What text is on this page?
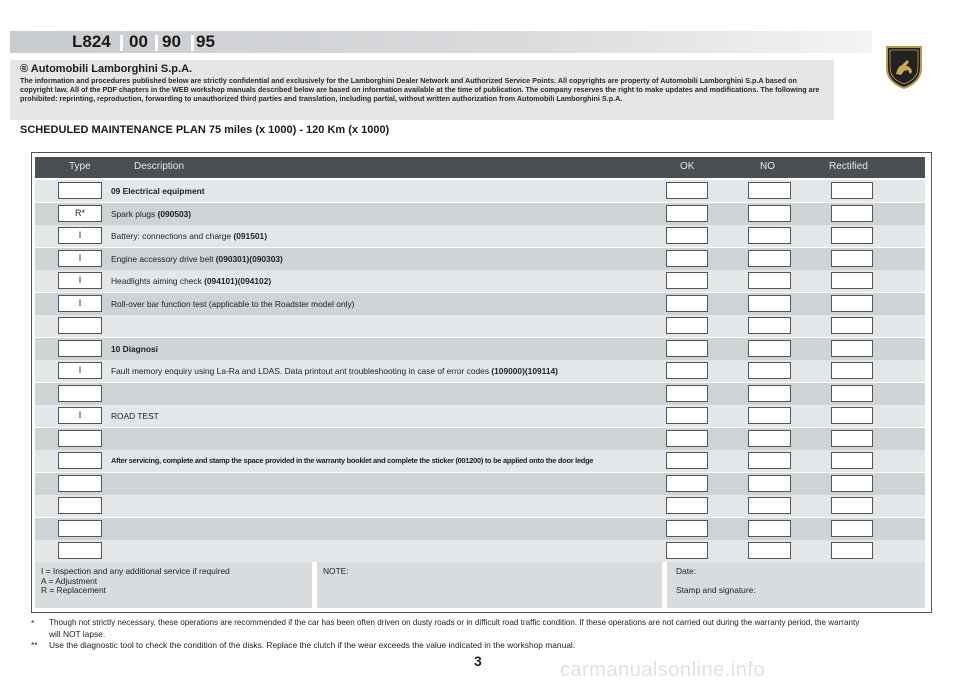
L824 00 90 95
® Automobili Lamborghini S.p.A.
The information and procedures published below are strictly confidential and exclusively for the Lamborghini Dealer Network and Authorized Service Points. All copyrights are property of Automobili Lamborghini S.p.A based on copyright law. All of the PDF chapters in the WEB workshop manuals described below are based on information available at the time of publication. The company reserves the right to make updates and modifications. The following are prohibited: reprinting, reproduction, forwarding to unauthorized third parties and translation, including partial, without written authorization from Automobili Lamborghini S.p.A.
SCHEDULED MAINTENANCE PLAN 75 miles (x 1000) - 120 Km (x 1000)
Type	Description	OK	NO	Rectified
09 Electrical equipment
R*	Spark plugs (090503)
I	Battery: connections and charge (091501)
I	Engine accessory drive belt (090301)(090303)
I	Headlights aiming check (094101)(094102)
I	Roll-over bar function test (applicable to the Roadster model only)
10 Diagnosi
I	Fault memory enquiry using La-Ra and LDAS. Data printout ant troubleshooting in case of error codes (109000)(109114)
I	ROAD TEST
After servicing, complete and stamp the space provided in the warranty booklet and complete the sticker (001200) to be applied onto the door ledge
I = Inspection and any additional service if required
A = Adjustment
R = Replacement
NOTE:	Date:

Stamp and signature:
* Though not strictly necessary, these operations are recommended if the car has been often driven on dusty roads or in difficult road traffic condition. If these operations are not carried out during the warranty period, the warranty
will NOT lapse.
** Use the diagnostic tool to check the condition of the disks. Replace the clutch if the wear exceeds the value indicated in the workshop manual.
3	carmanualsonline.info
